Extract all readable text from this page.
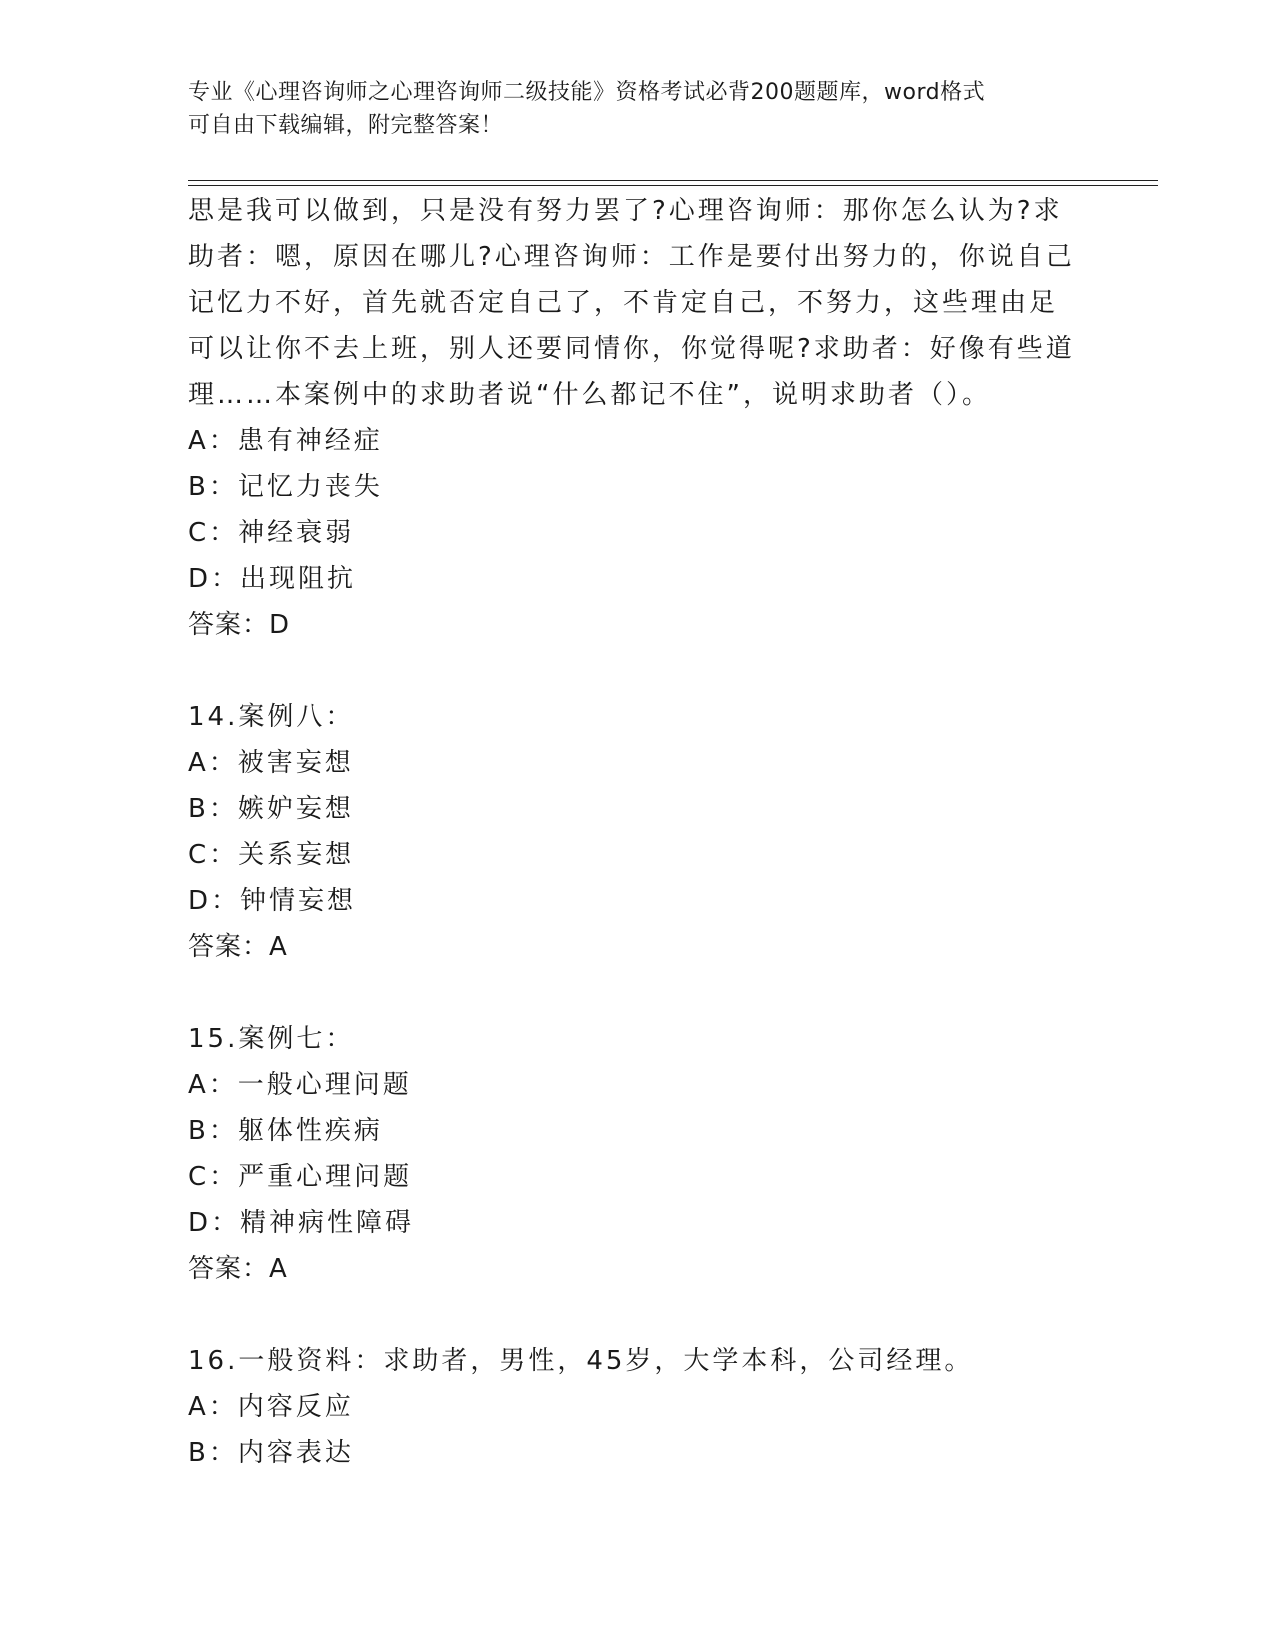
专业《心理咨询师之心理咨询师二级技能》资格考试必背200题题库，word格式
可自由下载编辑，附完整答案！
思是我可以做到，只是没有努力罢了?心理咨询师：那你怎么认为?求
助者：嗯，原因在哪儿?心理咨询师：工作是要付出努力的，你说自己
记忆力不好，首先就否定自己了，不肯定自己，不努力，这些理由足
可以让你不去上班，别人还要同情你，你觉得呢?求助者：好像有些道
理……本案例中的求助者说“什么都记不住”，说明求助者（）。
A：患有神经症
B：记忆力丧失
C：神经衰弱
D：出现阻抗
答案：D
14.案例八：
A：被害妄想
B：嫉妒妄想
C：关系妄想
D：钟情妄想
答案：A
15.案例七：
A：一般心理问题
B：躯体性疾病
C：严重心理问题
D：精神病性障碍
答案：A
16.一般资料：求助者，男性，45岁，大学本科，公司经理。
A：内容反应
B：内容表达
